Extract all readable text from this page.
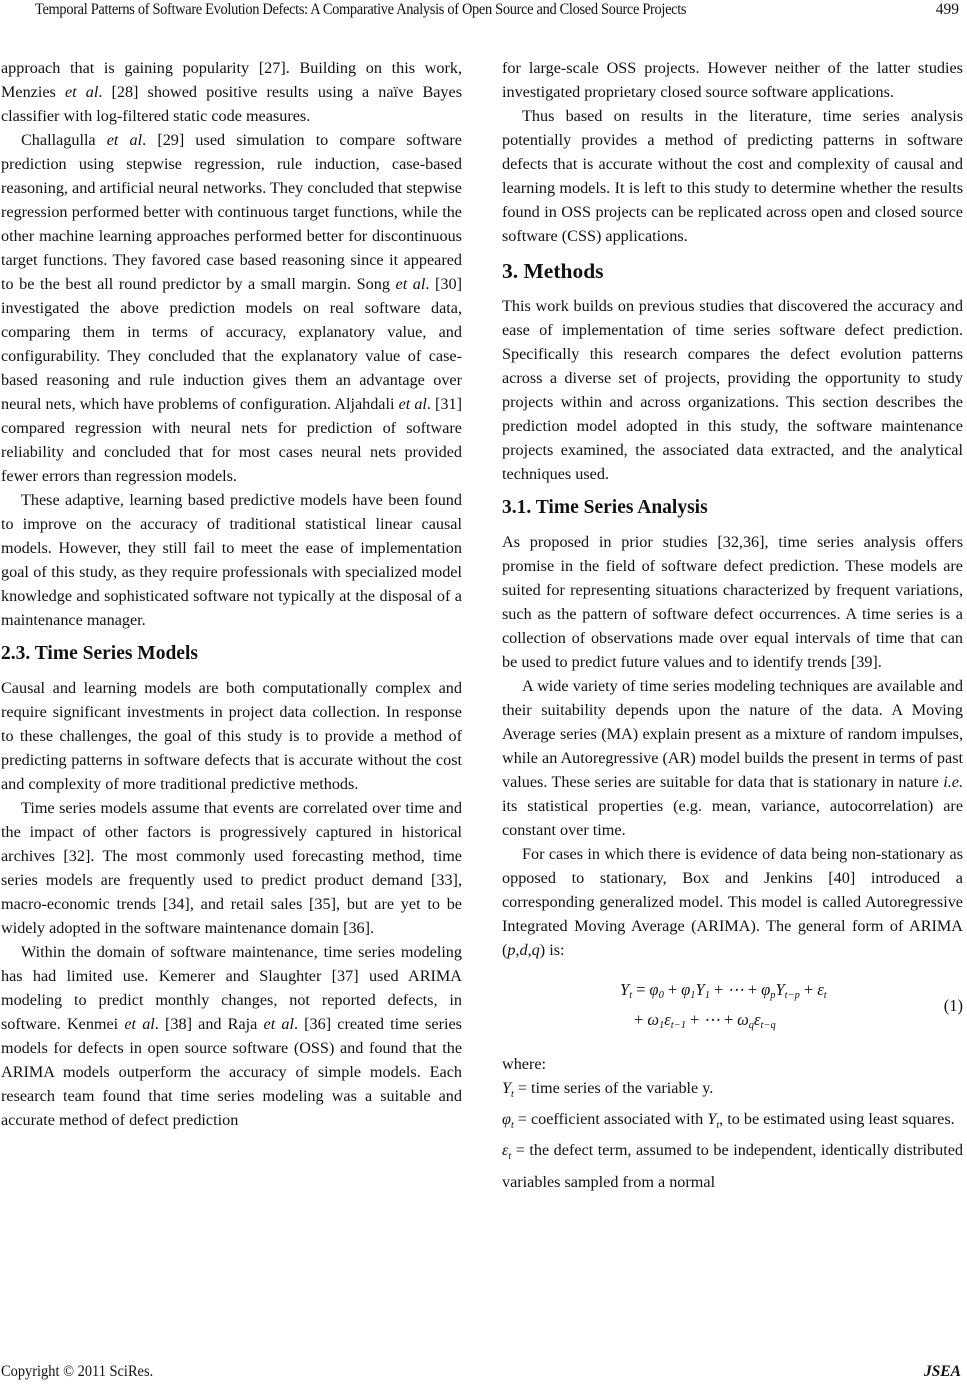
Temporal Patterns of Software Evolution Defects: A Comparative Analysis of Open Source and Closed Source Projects	499

approach that is gaining popularity [27]. Building on this work, Menzies et al. [28] showed positive results using a naïve Bayes classifier with log-filtered static code measures.

Challagulla et al. [29] used simulation to compare software prediction using stepwise regression, rule induction, case-based reasoning, and artificial neural networks. They concluded that stepwise regression performed better with continuous target functions, while the other machine learning approaches performed better for discontinuous target functions. They favored case based reasoning since it appeared to be the best all round predictor by a small margin. Song et al. [30] investigated the above prediction models on real software data, comparing them in terms of accuracy, explanatory value, and configurability. They concluded that the explanatory value of case-based reasoning and rule induction gives them an advantage over neural nets, which have problems of configuration. Aljahdali et al. [31] compared regression with neural nets for prediction of software reliability and concluded that for most cases neural nets provided fewer errors than regression models.

These adaptive, learning based predictive models have been found to improve on the accuracy of traditional statistical linear causal models. However, they still fail to meet the ease of implementation goal of this study, as they require professionals with specialized model knowledge and sophisticated software not typically at the disposal of a maintenance manager.

2.3. Time Series Models

Causal and learning models are both computationally complex and require significant investments in project data collection. In response to these challenges, the goal of this study is to provide a method of predicting patterns in software defects that is accurate without the cost and complexity of more traditional predictive methods.

Time series models assume that events are correlated over time and the impact of other factors is progressively captured in historical archives [32]. The most commonly used forecasting method, time series models are frequently used to predict product demand [33], macro-economic trends [34], and retail sales [35], but are yet to be widely adopted in the software maintenance domain [36].

Within the domain of software maintenance, time series modeling has had limited use. Kemerer and Slaughter [37] used ARIMA modeling to predict monthly changes, not reported defects, in software. Kenmei et al. [38] and Raja et al. [36] created time series models for defects in open source software (OSS) and found that the ARIMA models outperform the accuracy of simple models. Each research team found that time series modeling was a suitable and accurate method of defect prediction

for large-scale OSS projects. However neither of the latter studies investigated proprietary closed source software applications.

Thus based on results in the literature, time series analysis potentially provides a method of predicting patterns in software defects that is accurate without the cost and complexity of causal and learning models. It is left to this study to determine whether the results found in OSS projects can be replicated across open and closed source software (CSS) applications.

3. Methods

This work builds on previous studies that discovered the accuracy and ease of implementation of time series software defect prediction. Specifically this research compares the defect evolution patterns across a diverse set of projects, providing the opportunity to study projects within and across organizations. This section describes the prediction model adopted in this study, the software maintenance projects examined, the associated data extracted, and the analytical techniques used.

3.1. Time Series Analysis

As proposed in prior studies [32,36], time series analysis offers promise in the field of software defect prediction. These models are suited for representing situations characterized by frequent variations, such as the pattern of software defect occurrences. A time series is a collection of observations made over equal intervals of time that can be used to predict future values and to identify trends [39].

A wide variety of time series modeling techniques are available and their suitability depends upon the nature of the data. A Moving Average series (MA) explain present as a mixture of random impulses, while an Autoregressive (AR) model builds the present in terms of past values. These series are suitable for data that is stationary in nature i.e. its statistical properties (e.g. mean, variance, autocorrelation) are constant over time.

For cases in which there is evidence of data being non-stationary as opposed to stationary, Box and Jenkins [40] introduced a corresponding generalized model. This model is called Autoregressive Integrated Moving Average (ARIMA). The general form of ARIMA (p,d,q) is:

$Y_t = \varphi_0 + \varphi_1Y_1$ + ⋯ + $\varphi_pY_{t-p} + \varepsilon_t$
+ $\omega_1\varepsilon_{t-1}$ + ⋯ + $\omega_q\varepsilon_{t-q}$
(1)

where:

$Y_t$ = time series of the variable y.

$\varphi_t$ = coefficient associated with $Y_t$, to be estimated using least squares.

$\varepsilon_t$ = the defect term, assumed to be independent, identically distributed variables sampled from a normal

Copyright © 2011 SciRes.	JSEA
